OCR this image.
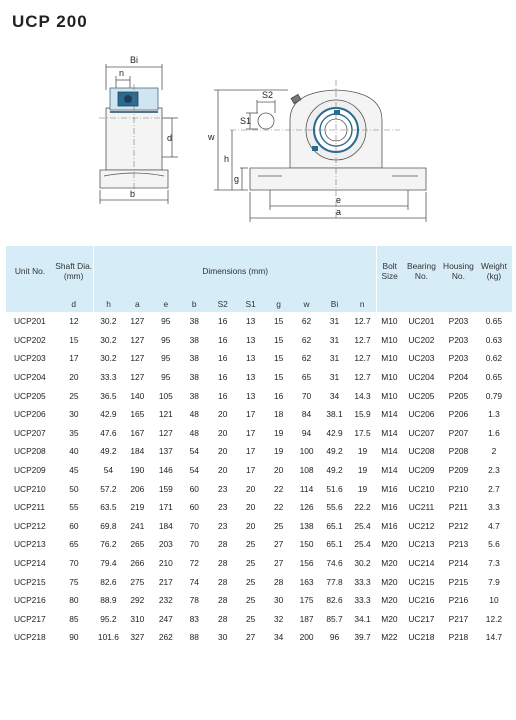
UCP 200
Bi
n
d
b
S2
S1
w
h
g
e
a
Unit No.	Shaft Dia. (mm)	Dimensions (mm)										Bolt Size	Bearing No.	Housing No.	Weight (kg)

	d	h	a	e	b	S2	S1	g	w	Bi	n				
UCP201	12	30.2	127	95	38	16	13	15	62	31	12.7	M10	UC201	P203	0.65
UCP202	15	30.2	127	95	38	16	13	15	62	31	12.7	M10	UC202	P203	0.63
UCP203	17	30.2	127	95	38	16	13	15	62	31	12.7	M10	UC203	P203	0.62
UCP204	20	33.3	127	95	38	16	13	15	65	31	12.7	M10	UC204	P204	0.65
UCP205	25	36.5	140	105	38	16	13	16	70	34	14.3	M10	UC205	P205	0.79
UCP206	30	42.9	165	121	48	20	17	18	84	38.1	15.9	M14	UC206	P206	1.3
UCP207	35	47.6	167	127	48	20	17	19	94	42.9	17.5	M14	UC207	P207	1.6
UCP208	40	49.2	184	137	54	20	17	19	100	49.2	19	M14	UC208	P208	2
UCP209	45	54	190	146	54	20	17	20	108	49.2	19	M14	UC209	P209	2.3
UCP210	50	57.2	206	159	60	23	20	22	114	51.6	19	M16	UC210	P210	2.7
UCP211	55	63.5	219	171	60	23	20	22	126	55.6	22.2	M16	UC211	P211	3.3
UCP212	60	69.8	241	184	70	23	20	25	138	65.1	25.4	M16	UC212	P212	4.7
UCP213	65	76.2	265	203	70	28	25	27	150	65.1	25.4	M20	UC213	P213	5.6
UCP214	70	79.4	266	210	72	28	25	27	156	74.6	30.2	M20	UC214	P214	7.3
UCP215	75	82.6	275	217	74	28	25	28	163	77.8	33.3	M20	UC215	P215	7.9
UCP216	80	88.9	292	232	78	28	25	30	175	82.6	33.3	M20	UC216	P216	10
UCP217	85	95.2	310	247	83	28	25	32	187	85.7	34.1	M20	UC217	P217	12.2
UCP218	90	101.6	327	262	88	30	27	34	200	96	39.7	M22	UC218	P218	14.7
